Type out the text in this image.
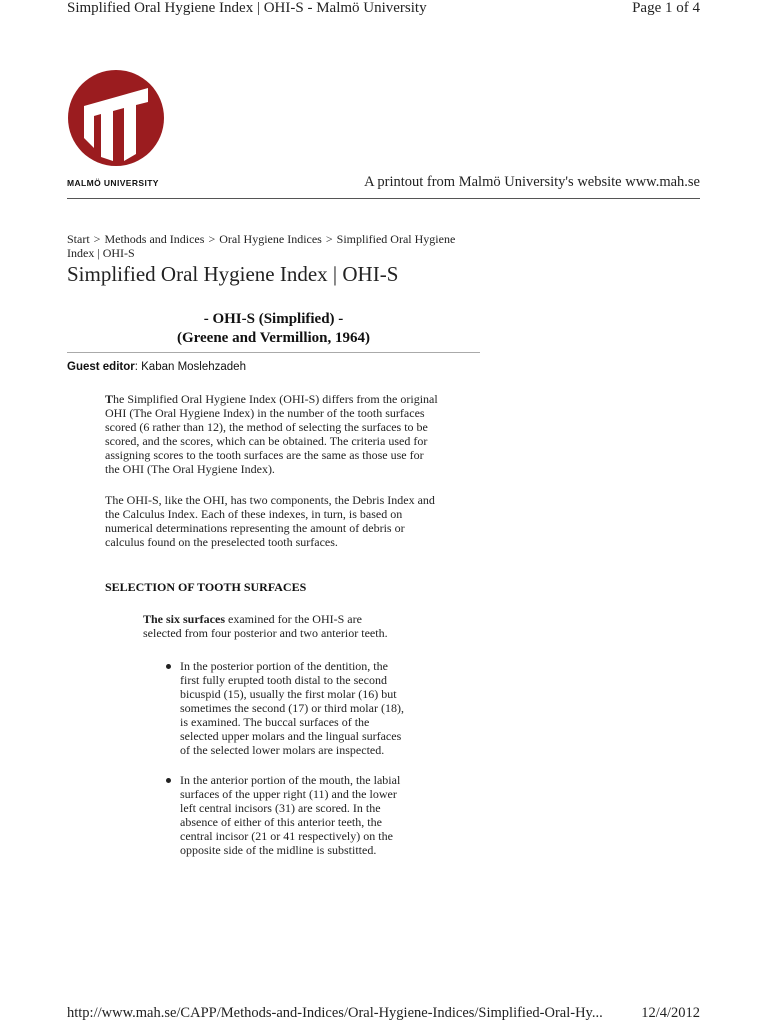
Simplified Oral Hygiene Index | OHI-S - Malmö University	Page 1 of 4
MALMÖ UNIVERSITY	A printout from Malmö University's website www.mah.se
Start > Methods and Indices > Oral Hygiene Indices > Simplified Oral Hygiene Index | OHI-S
Simplified Oral Hygiene Index | OHI-S
- OHI-S (Simplified) -
(Greene and Vermillion, 1964)
Guest editor: Kaban Moslehzadeh
The Simplified Oral Hygiene Index (OHI-S) differs from the original OHI (The Oral Hygiene Index) in the number of the tooth surfaces scored (6 rather than 12), the method of selecting the surfaces to be scored, and the scores, which can be obtained. The criteria used for assigning scores to the tooth surfaces are the same as those use for the OHI (The Oral Hygiene Index).
The OHI-S, like the OHI, has two components, the Debris Index and the Calculus Index. Each of these indexes, in turn, is based on numerical determinations representing the amount of debris or calculus found on the preselected tooth surfaces.
SELECTION OF TOOTH SURFACES
The six surfaces examined for the OHI-S are selected from four posterior and two anterior teeth.
In the posterior portion of the dentition, the first fully erupted tooth distal to the second bicuspid (15), usually the first molar (16) but sometimes the second (17) or third molar (18), is examined. The buccal surfaces of the selected upper molars and the lingual surfaces of the selected lower molars are inspected.
In the anterior portion of the mouth, the labial surfaces of the upper right (11) and the lower left central incisors (31) are scored. In the absence of either of this anterior teeth, the central incisor (21 or 41 respectively) on the opposite side of the midline is substitted.
http://www.mah.se/CAPP/Methods-and-Indices/Oral-Hygiene-Indices/Simplified-Oral-Hy...	12/4/2012
